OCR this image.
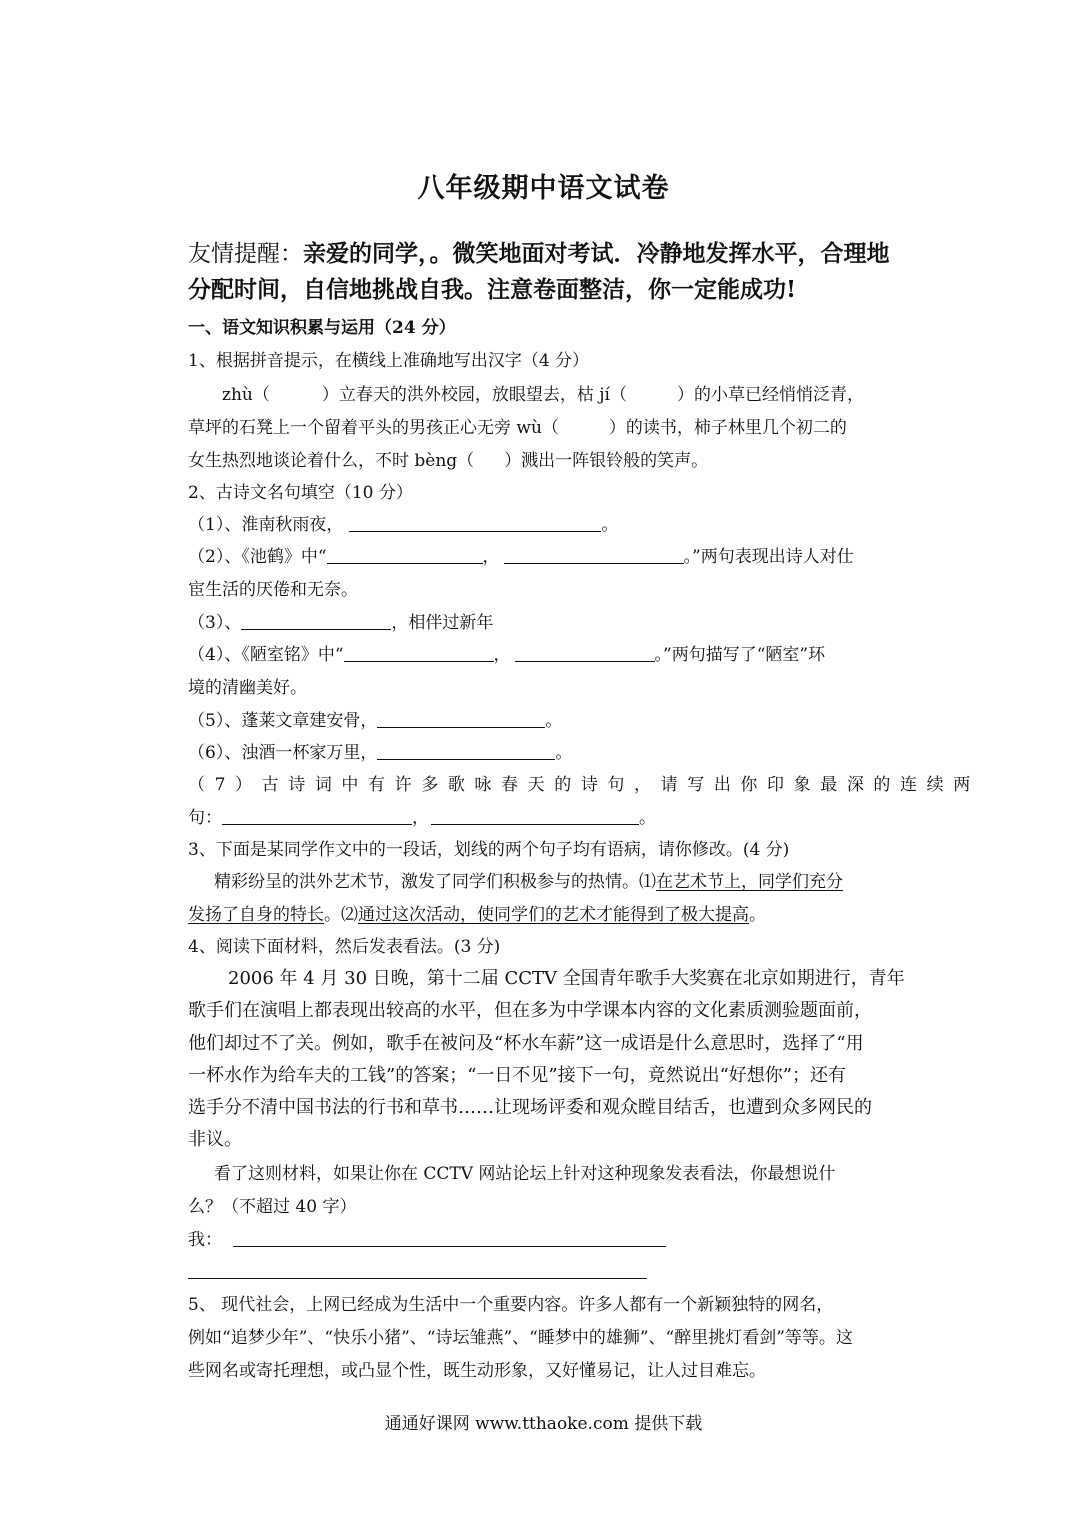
八年级期中语文试卷
友情提醒：亲爱的同学，。微笑地面对考试．冷静地发挥水平，合理地分配时间，自信地挑战自我。注意卷面整洁，你一定能成功!
一、语文知识积累与运用（24 分）
1、根据拼音提示，在横线上准确地写出汉字（4 分）
zhù（	）立春天的洪外校园，放眼望去，枯 jí（	）的小草已经悄悄泛青，
草坪的石凳上一个留着平头的男孩正心无旁 wù（	）的读书，柿子林里几个初二的
女生热烈地谈论着什么，不时 bèng（ ）溅出一阵银铃般的笑声。
2、古诗文名句填空（10 分）
（1）、淮南秋雨夜，	。
（2）、《池鹤》中“	，	。”两句表现出诗人对仕
宦生活的厌倦和无奈。
（3）、	，相伴过新年
（4）、《陋室铭》中“	，	。”两句描写了“陋室”环
境的清幽美好。
（5）、蓬莱文章建安骨，	。
（6）、浊酒一杯家万里，	。
（7）古诗词中有许多歌咏春天的诗句，请写出你印象最深的连续两
句：	，	。
3、下面是某同学作文中的一段话，划线的两个句子均有语病，请你修改。(4 分)
精彩纷呈的洪外艺术节，激发了同学们积极参与的热情。⑴在艺术节上，同学们充分
发扬了自身的特长。⑵通过这次活动，使同学们的艺术才能得到了极大提高。
4、阅读下面材料，然后发表看法。(3 分)
2006 年 4 月 30 日晚，第十二届 CCTV 全国青年歌手大奖赛在北京如期进行，青年
歌手们在演唱上都表现出较高的水平，但在多为中学课本内容的文化素质测验题面前，
他们却过不了关。例如，歌手在被问及“杯水车薪”这一成语是什么意思时，选择了“用
一杯水作为给车夫的工钱”的答案；“一日不见”接下一句，竟然说出“好想你”；还有
选手分不清中国书法的行书和草书……让现场评委和观众瞠目结舌，也遭到众多网民的
非议。
看了这则材料，如果让你在 CCTV 网站论坛上针对这种现象发表看法，你最想说什
么？（不超过 40 字）
我：
5、 现代社会，上网已经成为生活中一个重要内容。许多人都有一个新颖独特的网名，
例如“追梦少年”、“快乐小猪”、“诗坛雏燕”、“睡梦中的雄狮”、“醉里挑灯看剑”等等。这
些网名或寄托理想，或凸显个性，既生动形象，又好懂易记，让人过目难忘。
通通好课网 www.tthaoke.com 提供下载
